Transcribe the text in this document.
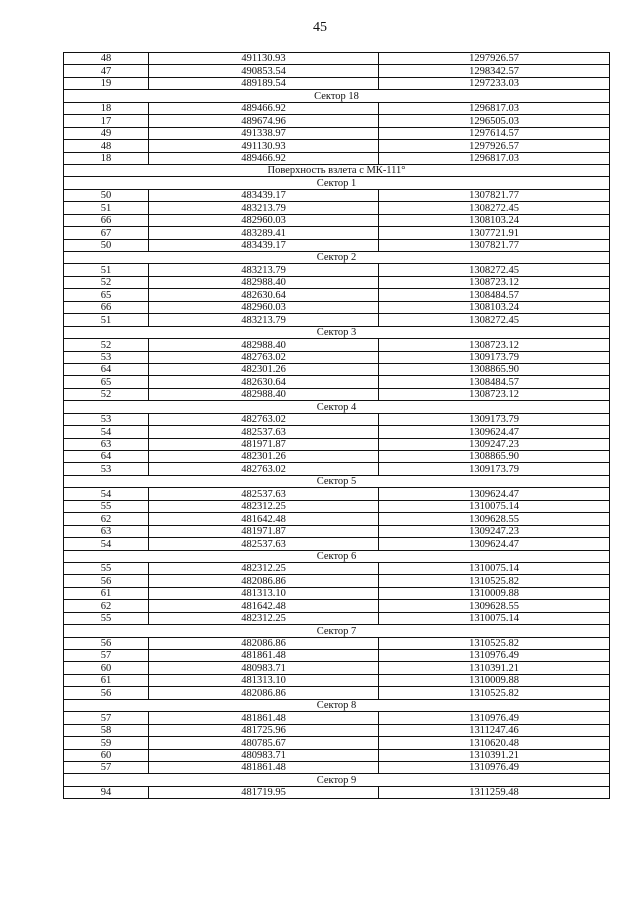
45
48	491130.93	1297926.57
47	490853.54	1298342.57
19	489189.54	1297233.03
Сектор 18		
18	489466.92	1296817.03
17	489674.96	1296505.03
49	491338.97	1297614.57
48	491130.93	1297926.57
18	489466.92	1296817.03
Поверхность взлета с МК-111°		
Сектор 1		
50	483439.17	1307821.77
51	483213.79	1308272.45
66	482960.03	1308103.24
67	483289.41	1307721.91
50	483439.17	1307821.77
Сектор 2		
51	483213.79	1308272.45
52	482988.40	1308723.12
65	482630.64	1308484.57
66	482960.03	1308103.24
51	483213.79	1308272.45
Сектор 3		
52	482988.40	1308723.12
53	482763.02	1309173.79
64	482301.26	1308865.90
65	482630.64	1308484.57
52	482988.40	1308723.12
Сектор 4		
53	482763.02	1309173.79
54	482537.63	1309624.47
63	481971.87	1309247.23
64	482301.26	1308865.90
53	482763.02	1309173.79
Сектор 5		
54	482537.63	1309624.47
55	482312.25	1310075.14
62	481642.48	1309628.55
63	481971.87	1309247.23
54	482537.63	1309624.47
Сектор 6		
55	482312.25	1310075.14
56	482086.86	1310525.82
61	481313.10	1310009.88
62	481642.48	1309628.55
55	482312.25	1310075.14
Сектор 7		
56	482086.86	1310525.82
57	481861.48	1310976.49
60	480983.71	1310391.21
61	481313.10	1310009.88
56	482086.86	1310525.82
Сектор 8		
57	481861.48	1310976.49
58	481725.96	1311247.46
59	480785.67	1310620.48
60	480983.71	1310391.21
57	481861.48	1310976.49
Сектор 9		
94	481719.95	1311259.48
